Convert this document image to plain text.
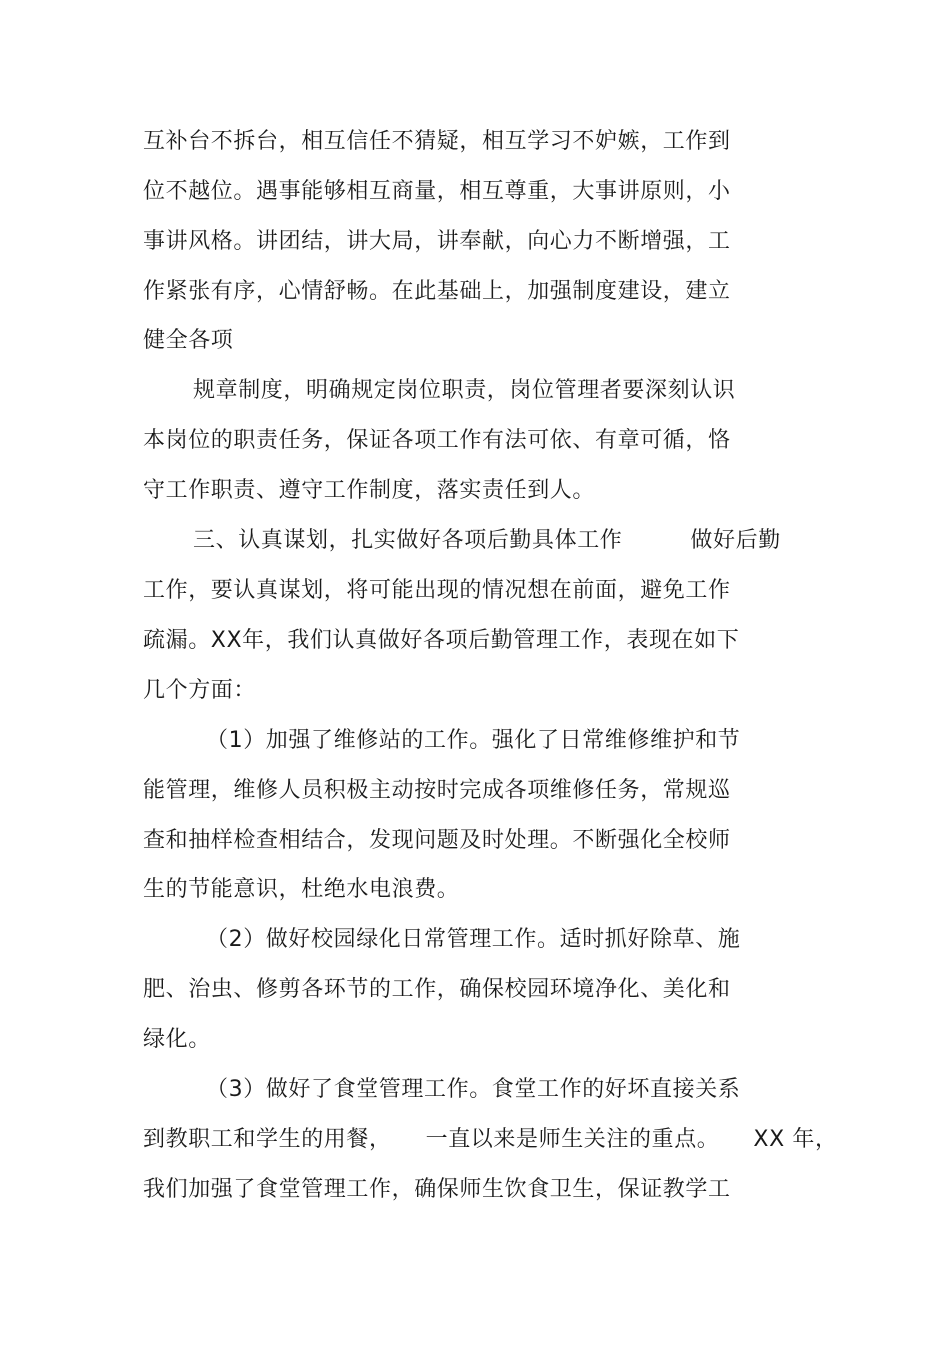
互补台不拆台，相互信任不猜疑，相互学习不妒嫉，工作到
位不越位。遇事能够相互商量，相互尊重，大事讲原则，小
事讲风格。讲团结，讲大局，讲奉献，向心力不断增强，工
作紧张有序，心情舒畅。在此基础上，加强制度建设，建立
健全各项
规章制度，明确规定岗位职责，岗位管理者要深刻认识
本岗位的职责任务，保证各项工作有法可依、有章可循，恪
守工作职责、遵守工作制度，落实责任到人。
三、认真谋划，扎实做好各项后勤具体工作	做好后勤
工作，要认真谋划，将可能出现的情况想在前面，避免工作
疏漏。XX年，我们认真做好各项后勤管理工作，表现在如下
几个方面：
（1）加强了维修站的工作。强化了日常维修维护和节
能管理，维修人员积极主动按时完成各项维修任务，常规巡
查和抽样检查相结合，发现问题及时处理。不断强化全校师
生的节能意识，杜绝水电浪费。
（2）做好校园绿化日常管理工作。适时抓好除草、施
肥、治虫、修剪各环节的工作，确保校园环境净化、美化和
绿化。
（3）做好了食堂管理工作。食堂工作的好坏直接关系
到教职工和学生的用餐， 一直以来是师生关注的重点。 XX 年，
我们加强了食堂管理工作，确保师生饮食卫生，保证教学工
